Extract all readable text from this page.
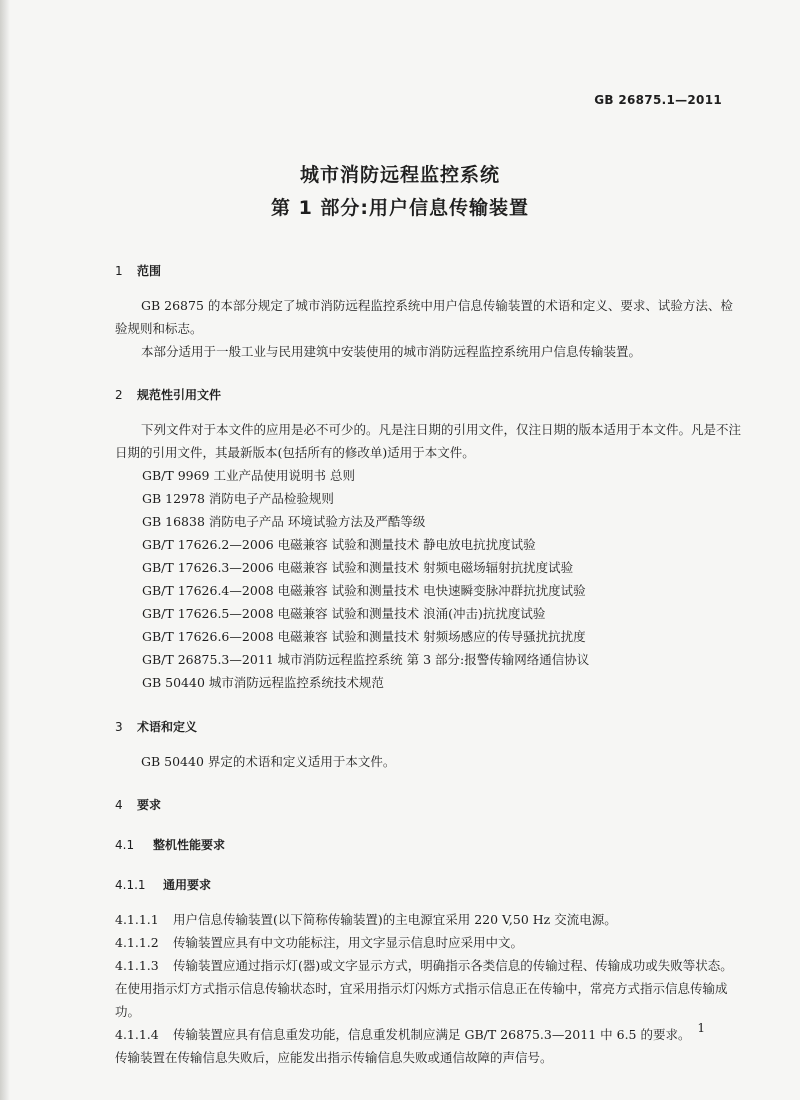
GB 26875.1—2011
城市消防远程监控系统
第 1 部分:用户信息传输装置
1 范围
GB 26875 的本部分规定了城市消防远程监控系统中用户信息传输装置的术语和定义、要求、试验方法、检验规则和标志。
本部分适用于一般工业与民用建筑中安装使用的城市消防远程监控系统用户信息传输装置。
2 规范性引用文件
下列文件对于本文件的应用是必不可少的。凡是注日期的引用文件，仅注日期的版本适用于本文件。凡是不注日期的引用文件，其最新版本(包括所有的修改单)适用于本文件。
GB/T 9969 工业产品使用说明书 总则
GB 12978 消防电子产品检验规则
GB 16838 消防电子产品 环境试验方法及严酷等级
GB/T 17626.2—2006 电磁兼容 试验和测量技术 静电放电抗扰度试验
GB/T 17626.3—2006 电磁兼容 试验和测量技术 射频电磁场辐射抗扰度试验
GB/T 17626.4—2008 电磁兼容 试验和测量技术 电快速瞬变脉冲群抗扰度试验
GB/T 17626.5—2008 电磁兼容 试验和测量技术 浪涌(冲击)抗扰度试验
GB/T 17626.6—2008 电磁兼容 试验和测量技术 射频场感应的传导骚扰抗扰度
GB/T 26875.3—2011 城市消防远程监控系统 第 3 部分:报警传输网络通信协议
GB 50440 城市消防远程监控系统技术规范
3 术语和定义
GB 50440 界定的术语和定义适用于本文件。
4 要求
4.1 整机性能要求
4.1.1 通用要求
4.1.1.1 用户信息传输装置(以下简称传输装置)的主电源宜采用 220 V,50 Hz 交流电源。
4.1.1.2 传输装置应具有中文功能标注，用文字显示信息时应采用中文。
4.1.1.3 传输装置应通过指示灯(器)或文字显示方式，明确指示各类信息的传输过程、传输成功或失败等状态。在使用指示灯方式指示信息传输状态时，宜采用指示灯闪烁方式指示信息正在传输中，常亮方式指示信息传输成功。
4.1.1.4 传输装置应具有信息重发功能，信息重发机制应满足 GB/T 26875.3—2011 中 6.5 的要求。传输装置在传输信息失败后，应能发出指示传输信息失败或通信故障的声信号。
1
